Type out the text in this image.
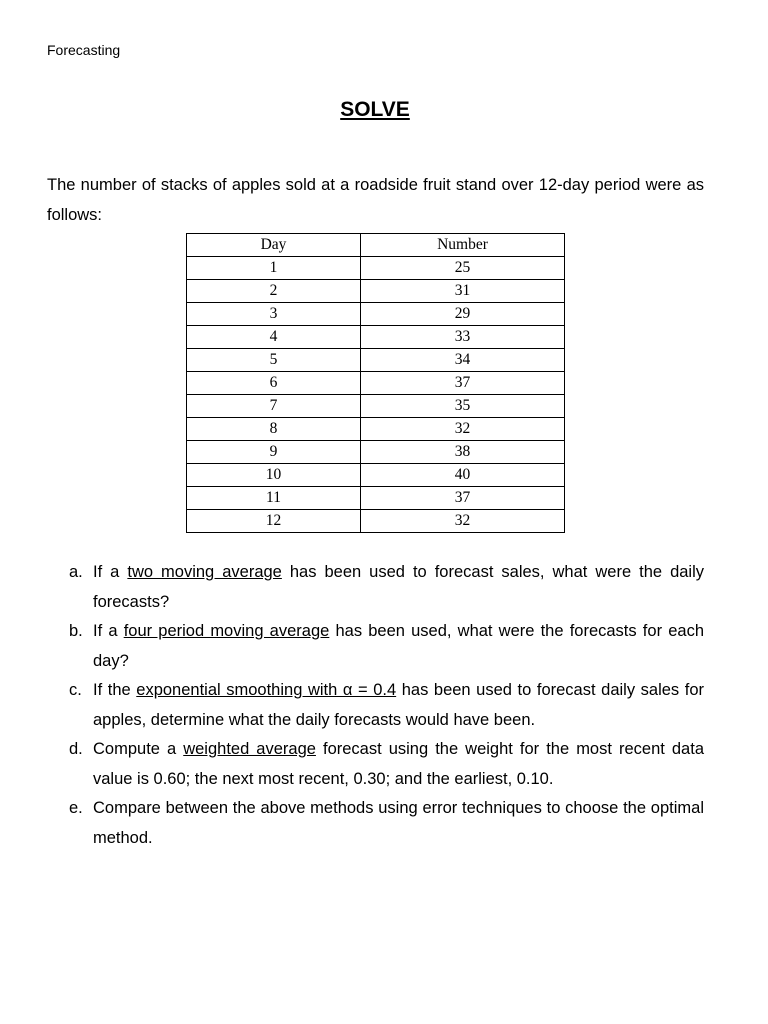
Forecasting
SOLVE
The number of stacks of apples sold at a roadside fruit stand over 12-day period were as follows:
Day	Number
1	25
2	31
3	29
4	33
5	34
6	37
7	35
8	32
9	38
10	40
11	37
12	32
a. If a two moving average has been used to forecast sales, what were the daily forecasts?
b. If a four period moving average has been used, what were the forecasts for each day?
c. If the exponential smoothing with α = 0.4 has been used to forecast daily sales for apples, determine what the daily forecasts would have been.
d. Compute a weighted average forecast using the weight for the most recent data value is 0.60; the next most recent, 0.30; and the earliest, 0.10.
e. Compare between the above methods using error techniques to choose the optimal method.
